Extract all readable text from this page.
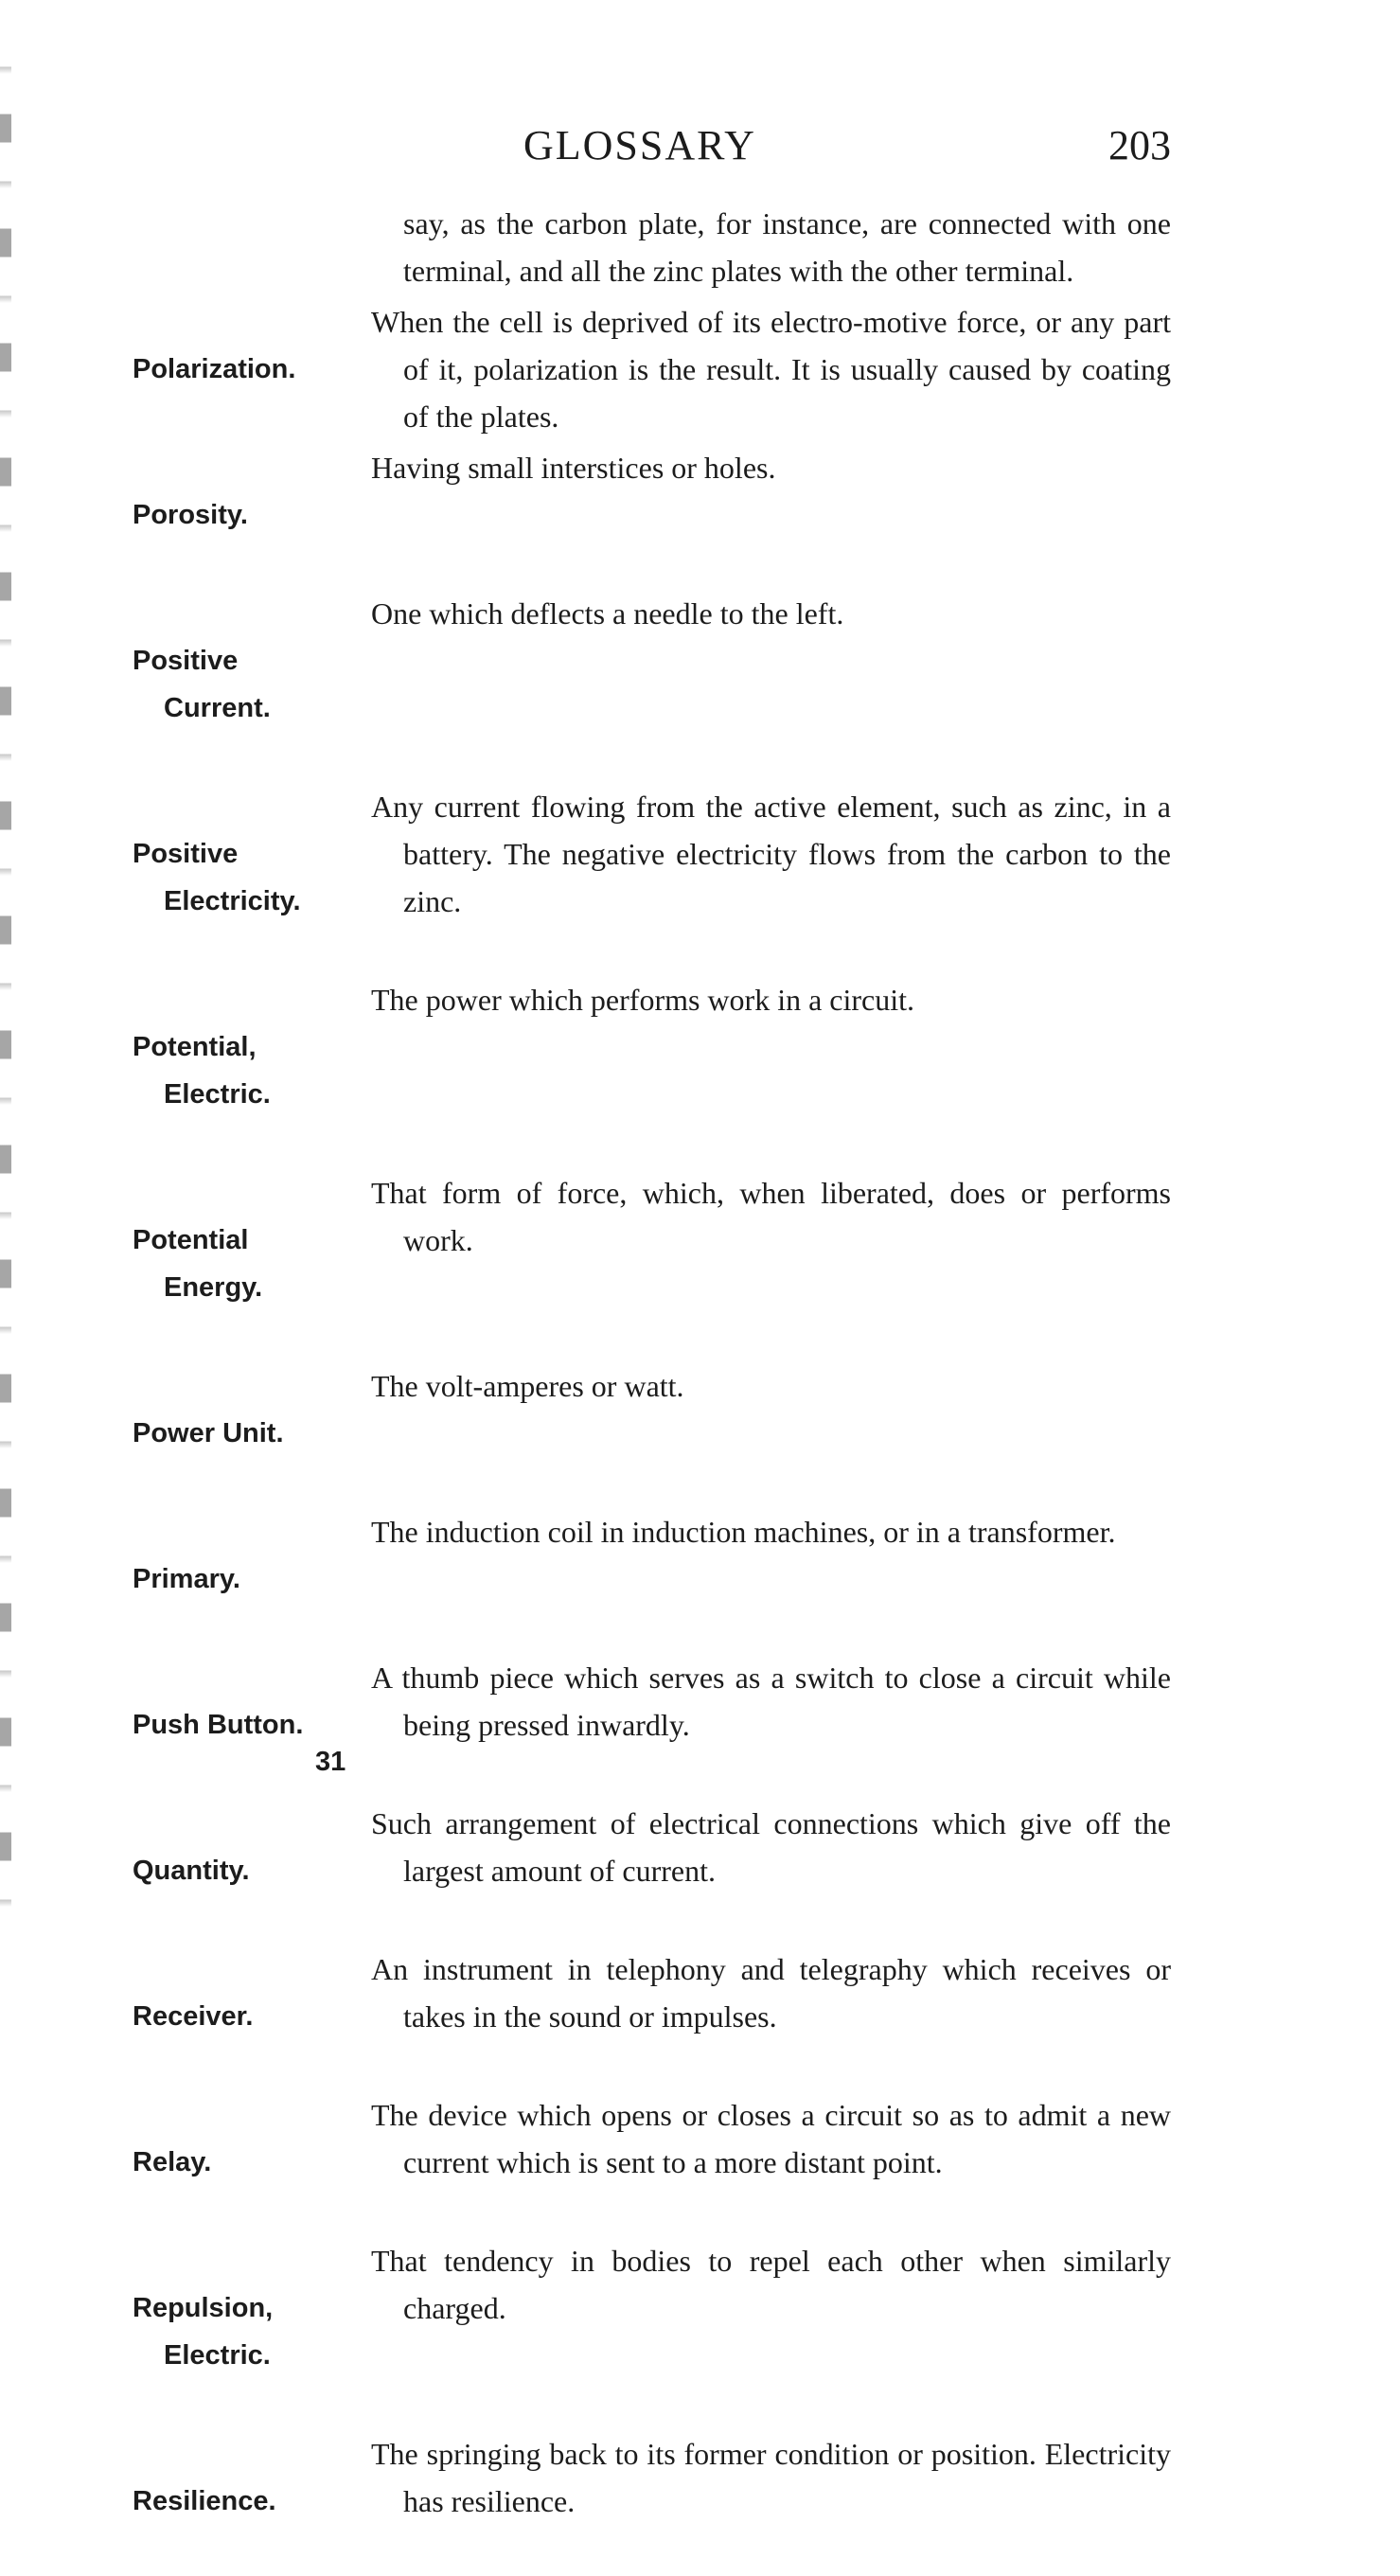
GLOSSARY	203
say, as the carbon plate, for instance, are connected with one terminal, and all the zinc plates with the other terminal.

Polarization.

When the cell is deprived of its electro-motive force, or any part of it, polarization is the result. It is usually caused by coating of the plates.

Porosity.

Having small interstices or holes.

Positive

Current.

One which deflects a needle to the left.

Positive

Electricity.

Any current flowing from the active element, such as zinc, in a battery. The negative electricity flows from the carbon to the zinc.

Potential,

Electric.

The power which performs work in a circuit.

Potential

Energy.

That form of force, which, when liberated, does or performs work.

Power Unit.

The volt-amperes or watt.

Primary.

The induction coil in induction machines, or in a transformer.

Push Button.

A thumb piece which serves as a switch to close a circuit while being pressed inwardly.

Quantity.

Such arrangement of electrical connections which give off the largest amount of current.

Receiver.

An instrument in telephony and telegraphy which receives or takes in the sound or impulses.

Relay.

The device which opens or closes a circuit so as to admit a new current which is sent to a more distant point.

Repulsion,

Electric.

That tendency in bodies to repel each other when similarly charged.

Resilience.

The springing back to its former condition or position. Electricity has resilience.
31
